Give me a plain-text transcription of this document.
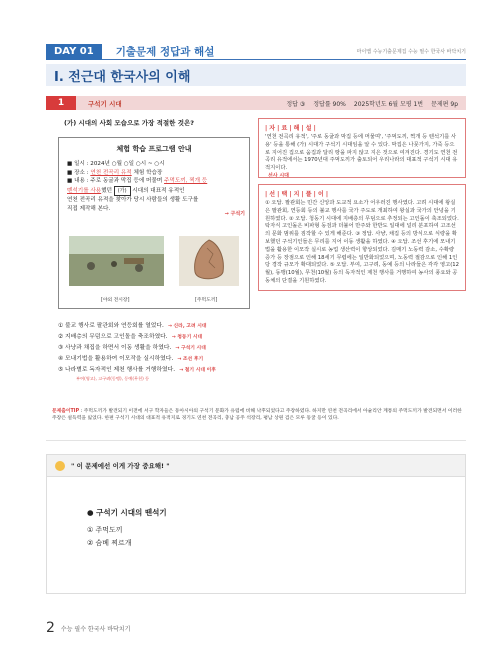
DAY 01	기출문제 정답과 해설	마이맵 수능기출문제집 수능 필수 한국사 바닥치기
Ⅰ. 전근대 한국사의 이해
1	구석기 시대	정답 ③ 정답률 90% 2025학년도 6월 모평 1번 문제편 9p
(가) 시대의 사회 모습으로 가장 적절한 것은?
체험 학습 프로그램 안내
■ 일시 : 2024년 ○월 ○일 ○시 ~ ○시
■ 장소 : 연천 전곡리 유적 체험 학습장
■ 내용 : 주로 동굴과 막집 등에 머물며 주먹도끼, 찍개 등
뗀석기를 사용했던 (가) 시대의 대표적 유적인
연천 전곡리 유적을 찾아가 당시 사람들의 생활 도구를
직접 제작해 본다.
선사 시대
→ 구석기
[야외 전시장]	[주먹도끼]
① 불교 행사로 팔관회와 연등회를 열었다. → 신라, 고려 시대
② 지배층의 무덤으로 고인돌을 축조하였다. → 청동기 시대
③ 사냥과 채집을 하면서 이동 생활을 하였다. → 구석기 시대
④ 모내기법을 활용하여 이모작을 실시하였다. → 조선 후기
⑤ 나라별로 독자적인 제천 행사를 거행하였다. → 철기 시대 이후
부여(영고), 고구려(동맹), 동예(무천) 등
| 자 | 료 | 해 | 설 |
'연천 전곡리 유적', '주로 동굴과 막집 등에 머물며', '주먹도끼, 찍개 등 뗀석기를 사용' 등을 통해 (가) 시대가 구석기 시대임을 알 수 있다. 막집은 나뭇가지, 가죽 등으로 지어진 집으로 움집과 달리 땅을 파지 않고 지은 것으로 여겨진다. 경기도 연천 전곡리 유적에서는 1970년대 주먹도끼가 출토되어 우리나라의 대표적 구석기 시대 유적지이다.
| 선 | 택 | 지 | 풀 | 이 |
① 오답. 팔관회는 민간 신앙과 도교적 요소가 어우러진 행사였다. 고려 시대에 왕실은 팔관회, 연등회 등의 불교 행사를 국가 주도로 개최하여 왕실과 국가의 안녕을 기원하였다. ② 오답. 청동기 시대에 지배층의 무덤으로 추정되는 고인돌이 축조되었다. 탁자식 고인돌은 비파형 동검과 더불어 만주와 한반도 일대에 널리 분포하여 고조선의 문화 범위를 짐작할 수 있게 해준다. ③ 정답. 사냥, 채집 등의 방식으로 식량을 확보했던 구석기인들은 무리를 지어 이동 생활을 하였다. ④ 오답. 조선 후기에 모내기법을 활용한 이모작 실시로 농업 생산력이 향상되었다. 김매기 노동력 감소, 수확량 증가 등 장점으로 인해 18세기 무렵에는 일반화되었으며, 노동력 절감으로 인해 1인당 경작 규모가 확대되었다. ⑤ 오답. 부여, 고구려, 동예 등의 나라들은 각각 영고(12월), 동맹(10월), 무천(10월) 등의 독자적인 제천 행사를 거행하여 농사의 풍요와 공동체의 단결을 기원하였다.
문제출이TIP : 주먹도끼가 발견되기 이전에 서구 학자들은 동아시아의 구석기 문화가 유럽에 비해 낙후되었다고 주장하였다. 하지만 연천 전곡리에서 아슐리안 계통의 주먹도끼가 발견되면서 이러한 주장은 설득력을 잃었다. 한편 구석기 시대의 대표적 유적지로 경기도 연천 전곡리, 충남 공주 석장리, 평남 상원 검은 모루 동굴 등이 있다.
" 이 문제에선 이게 가장 중요해! "
● 구석기 시대의 뗀석기
① 주먹도끼
② 슴베 찌르개
2 수능 필수 한국사 바닥치기
